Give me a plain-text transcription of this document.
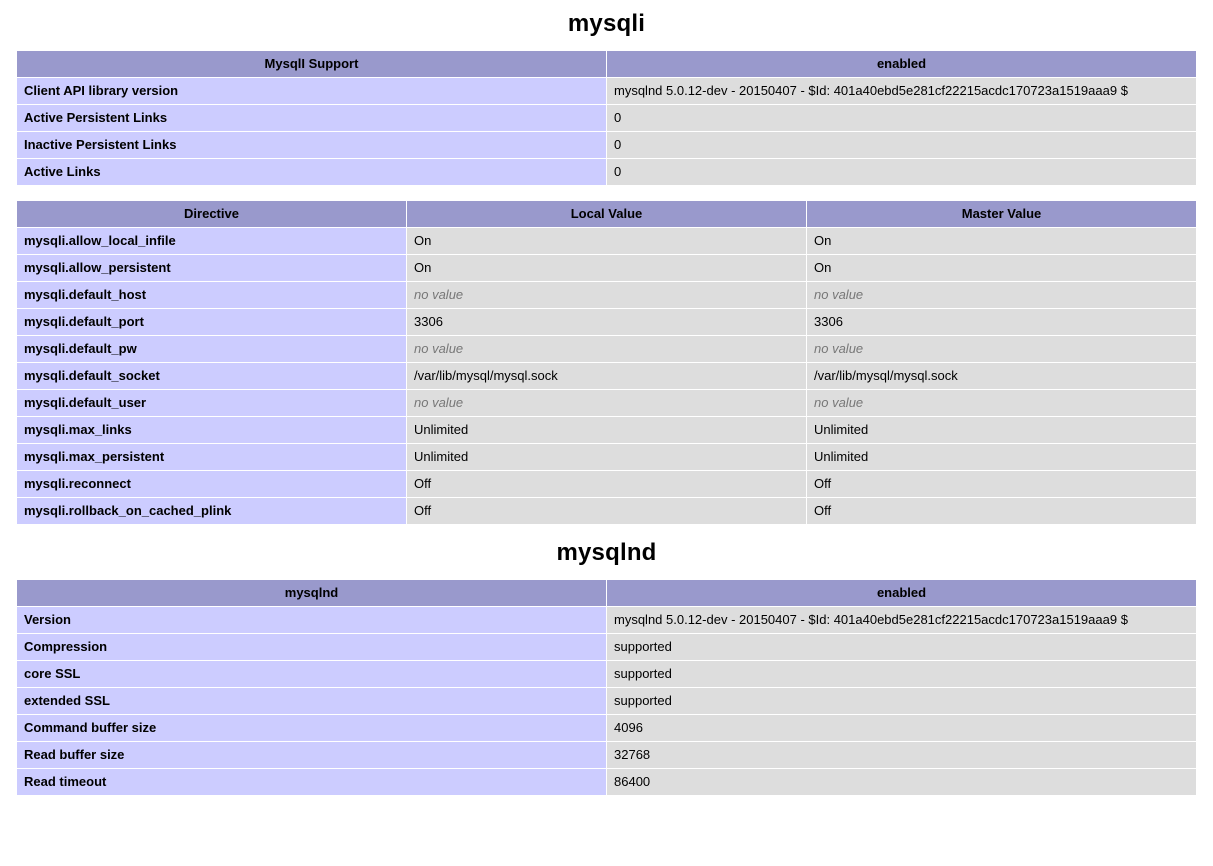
mysqli
MysqlI Support	enabled
Client API library version	mysqlnd 5.0.12-dev - 20150407 - $Id: 401a40ebd5e281cf22215acdc170723a1519aaa9 $
Active Persistent Links	0
Inactive Persistent Links	0
Active Links	0
Directive	Local Value	Master Value
mysqli.allow_local_infile	On	On
mysqli.allow_persistent	On	On
mysqli.default_host	no value	no value
mysqli.default_port	3306	3306
mysqli.default_pw	no value	no value
mysqli.default_socket	/var/lib/mysql/mysql.sock	/var/lib/mysql/mysql.sock
mysqli.default_user	no value	no value
mysqli.max_links	Unlimited	Unlimited
mysqli.max_persistent	Unlimited	Unlimited
mysqli.reconnect	Off	Off
mysqli.rollback_on_cached_plink	Off	Off
mysqlnd
mysqlnd	enabled
Version	mysqlnd 5.0.12-dev - 20150407 - $Id: 401a40ebd5e281cf22215acdc170723a1519aaa9 $
Compression	supported
core SSL	supported
extended SSL	supported
Command buffer size	4096
Read buffer size	32768
Read timeout	86400
